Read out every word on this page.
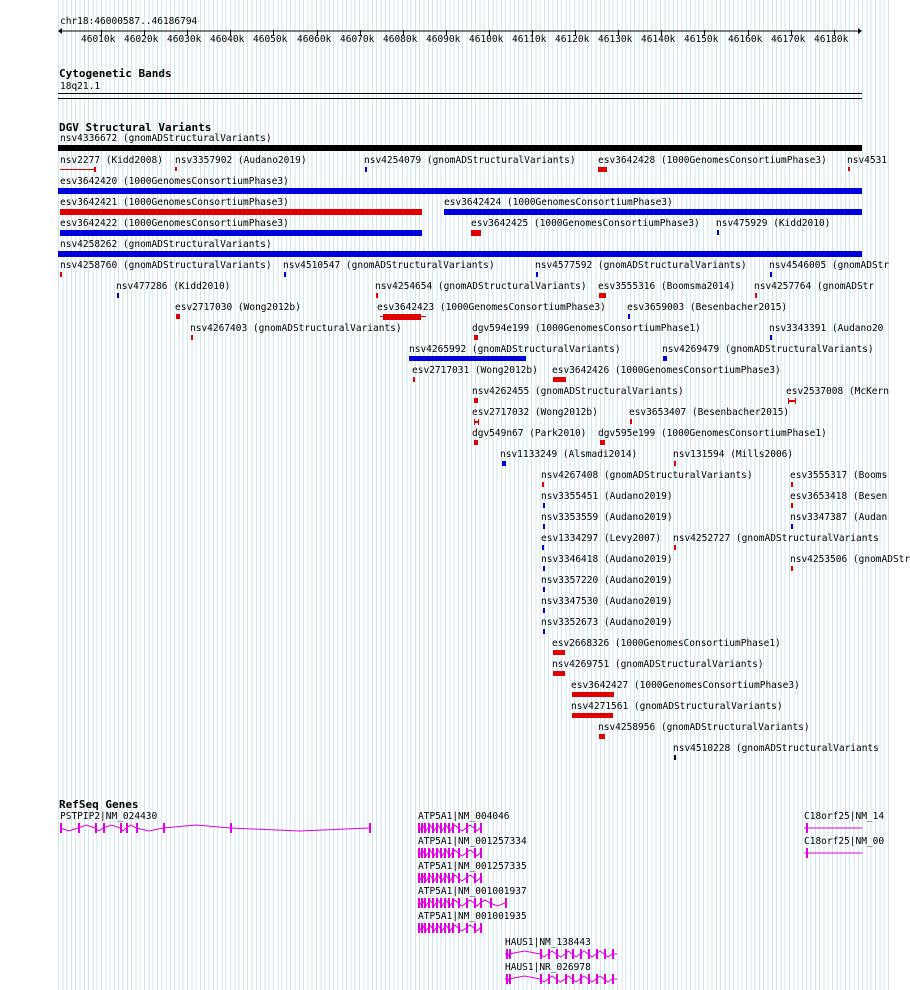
chr18:46000587..46186794
46010k 46020k 46030k 46040k 46050k 46060k 46070k 46080k 46090k 46100k 46110k 46120k 46130k 46140k 46150k 46160k 46170k 46180k
Cytogenetic Bands
18q21.1
DGV Structural Variants
nsv4336672 (gnomADStructuralVariants)
nsv2277 (Kidd2008) nsv3357902 (Audano2019)	nsv4254079 (gnomADStructuralVariants) esv3642428 (1000GenomesConsortiumPhase3) nsv4531
esv3642420 (1000GenomesConsortiumPhase3)
esv3642421 (1000GenomesConsortiumPhase3)	esv3642424 (1000GenomesConsortiumPhase3)
esv3642422 (1000GenomesConsortiumPhase3)	esv3642425 (1000GenomesConsortiumPhase3) nsv475929 (Kidd2010)
nsv4258262 (gnomADStructuralVariants)
nsv4258760 (gnomADStructuralVariants) nsv4510547 (gnomADStructuralVariants)	nsv4577592 (gnomADStructuralVariants) nsv4546005 (gnomADStr
nsv477286 (Kidd2010)	nsv4254654 (gnomADStructuralVariants) esv3555316 (Boomsma2014) nsv4257764 (gnomADStr
esv2717030 (Wong2012b)	esv3642423 (1000GenomesConsortiumPhase3) esv3659003 (Besenbacher2015)
nsv4267403 (gnomADStructuralVariants)	dgv594e199 (1000GenomesConsortiumPhase1)	nsv3343391 (Audano20
nsv4265992 (gnomADStructuralVariants)	nsv4269479 (gnomADStructuralVariants)
esv2717031 (Wong2012b) esv3642426 (1000GenomesConsortiumPhase3)
nsv4262455 (gnomADStructuralVariants)	esv2537008 (McKern
esv2717032 (Wong2012b)	esv3653407 (Besenbacher2015)
dgv549n67 (Park2010) dgv595e199 (1000GenomesConsortiumPhase1)
nsv1133249 (Alsmadi2014)	nsv131594 (Mills2006)
nsv4267408 (gnomADStructuralVariants)	esv3555317 (Booms
nsv3355451 (Audano2019)	esv3653418 (Besen
nsv3353559 (Audano2019)	nsv3347387 (Audan
esv1334297 (Levy2007) nsv4252727 (gnomADStructuralVariants
nsv3346418 (Audano2019)	nsv4253506 (gnomADStr
nsv3357220 (Audano2019)
nsv3347530 (Audano2019)
nsv3352673 (Audano2019)
esv2668326 (1000GenomesConsortiumPhase1)
nsv4269751 (gnomADStructuralVariants)
esv3642427 (1000GenomesConsortiumPhase3)
nsv4271561 (gnomADStructuralVariants)
nsv4258956 (gnomADStructuralVariants)
nsv4510228 (gnomADStructuralVariants
RefSeq Genes
PSTPIP2|NM_024430	ATP5A1|NM_004046
ATP5A1|NM_001257334
ATP5A1|NM_001257335
ATP5A1|NM_001001937
ATP5A1|NM_001001935
HAUS1|NM_138443
HAUS1|NR_026978
C18orf25|NM_14
C18orf25|NM_00
